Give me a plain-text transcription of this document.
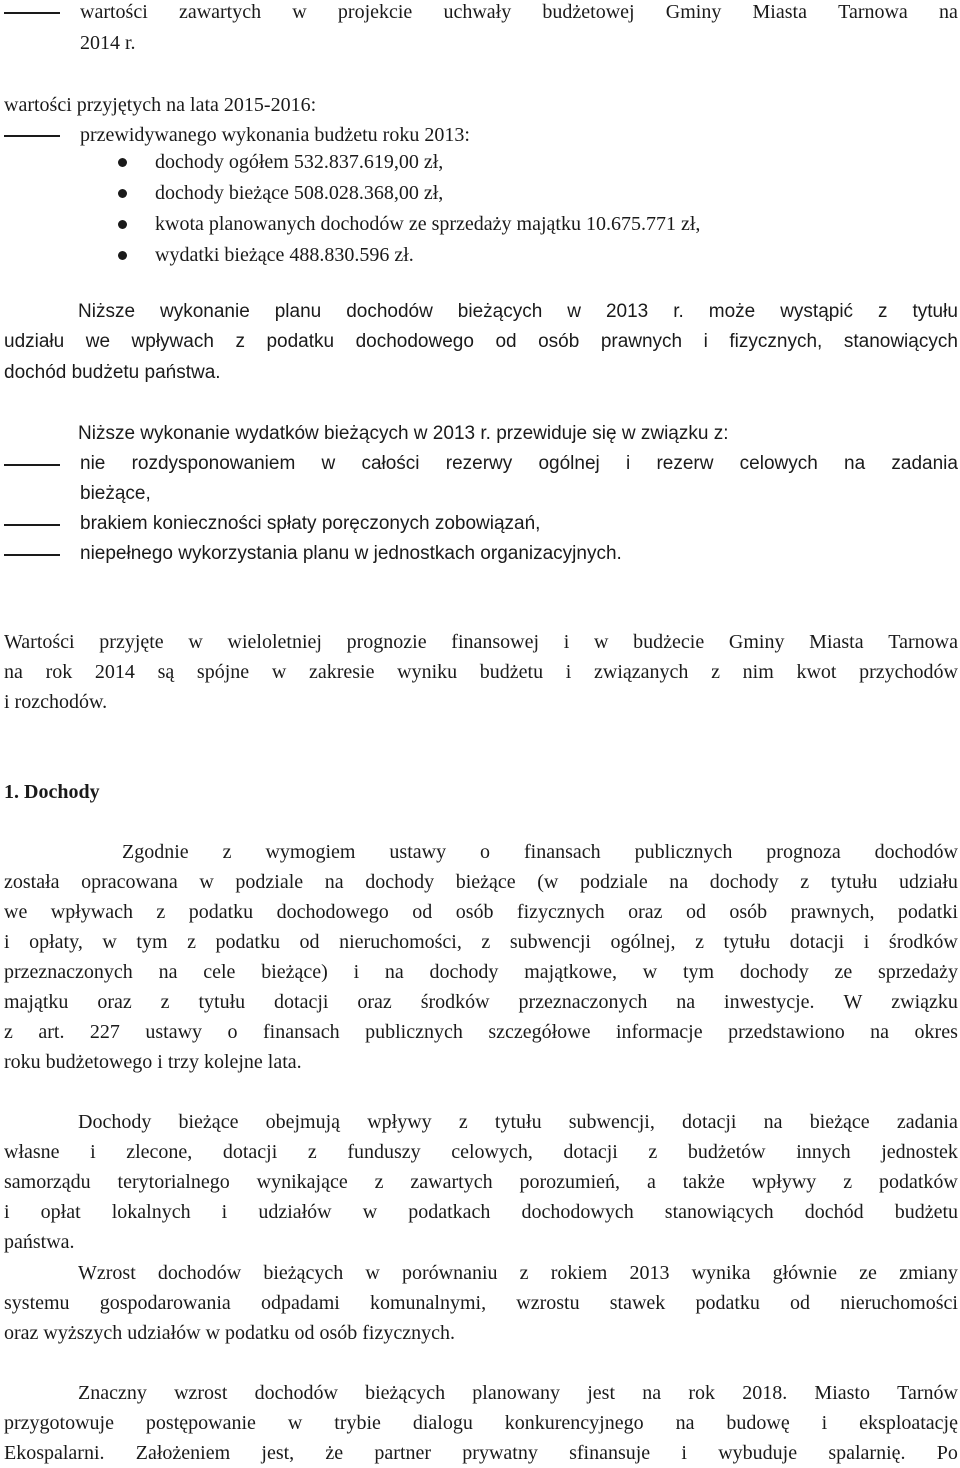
wartości zawartych w projekcie uchwały budżetowej Gminy Miasta Tarnowa na
2014 r.
wartości przyjętych na lata 2015-2016:
przewidywanego wykonania budżetu roku 2013:
dochody ogółem 532.837.619,00 zł,
dochody bieżące 508.028.368,00 zł,
kwota planowanych dochodów ze sprzedaży majątku 10.675.771 zł,
wydatki bieżące 488.830.596 zł.
Niższe wykonanie planu dochodów bieżących w 2013 r. może wystąpić z tytułu
udziału we wpływach z podatku dochodowego od osób prawnych i fizycznych, stanowiących
dochód budżetu państwa.
Niższe wykonanie wydatków bieżących w 2013 r. przewiduje się w związku z:
nie rozdysponowaniem w całości rezerwy ogólnej i rezerw celowych na zadania
bieżące,
brakiem konieczności spłaty poręczonych zobowiązań,
niepełnego wykorzystania planu w jednostkach organizacyjnych.
Wartości przyjęte w wieloletniej prognozie finansowej i w budżecie Gminy Miasta Tarnowa
na rok 2014 są spójne w zakresie wyniku budżetu i związanych z nim kwot przychodów
i rozchodów.
1. Dochody
Zgodnie z wymogiem ustawy o finansach publicznych prognoza dochodów
została opracowana w podziale na dochody bieżące (w podziale na dochody z tytułu udziału
we wpływach z podatku dochodowego od osób fizycznych oraz od osób prawnych, podatki
i opłaty, w tym z podatku od nieruchomości, z subwencji ogólnej, z tytułu dotacji i środków
przeznaczonych na cele bieżące) i na dochody majątkowe, w tym dochody ze sprzedaży
majątku oraz z tytułu dotacji oraz środków przeznaczonych na inwestycje. W związku
z art. 227 ustawy o finansach publicznych szczegółowe informacje przedstawiono na okres
roku budżetowego i trzy kolejne lata.
Dochody bieżące obejmują wpływy z tytułu subwencji, dotacji na bieżące zadania
własne i zlecone, dotacji z funduszy celowych, dotacji z budżetów innych jednostek
samorządu terytorialnego wynikające z zawartych porozumień, a także wpływy z podatków
i opłat lokalnych i udziałów w podatkach dochodowych stanowiących dochód budżetu
państwa.
Wzrost dochodów bieżących w porównaniu z rokiem 2013 wynika głównie ze zmiany
systemu gospodarowania odpadami komunalnymi, wzrostu stawek podatku od nieruchomości
oraz wyższych udziałów w podatku od osób fizycznych.
Znaczny wzrost dochodów bieżących planowany jest na rok 2018. Miasto Tarnów
przygotowuje postępowanie w trybie dialogu konkurencyjnego na budowę i eksploatację
Ekospalarni. Założeniem jest, że partner prywatny sfinansuje i wybuduje spalarnię. Po
